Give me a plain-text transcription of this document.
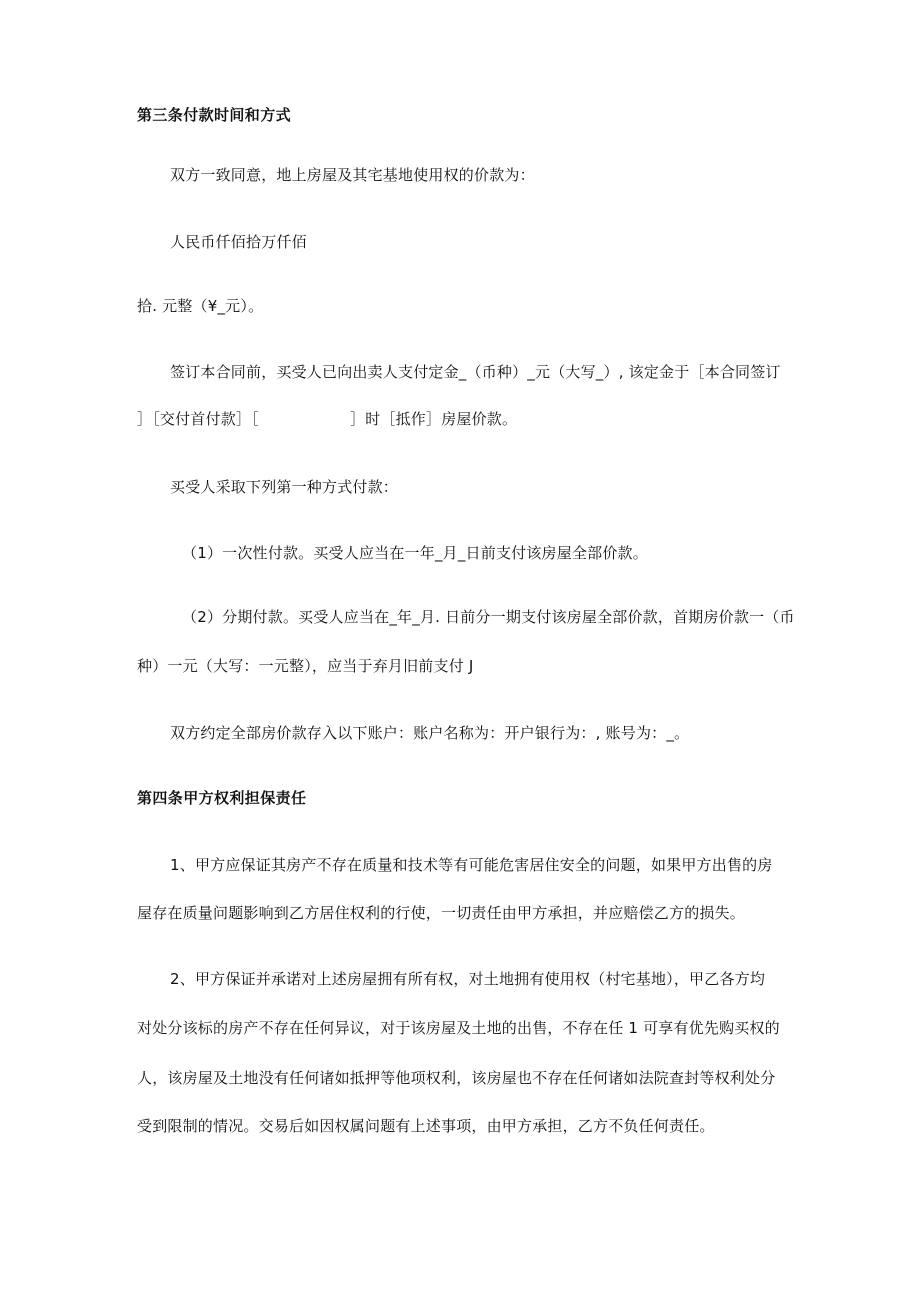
第三条付款时间和方式
双方一致同意，地上房屋及其宅基地使用权的价款为：
人民币仟佰拾万仟佰
拾. 元整（¥_元）。
签订本合同前，买受人已向出卖人支付定金_（币种）_元（大写_）, 该定金于［本合同签订
］［交付首付款］［　　　　　　］时［抵作］房屋价款。
买受人采取下列第一种方式付款：
（1）一次性付款。买受人应当在一年_月_日前支付该房屋全部价款。
（2）分期付款。买受人应当在_年_月. 日前分一期支付该房屋全部价款，首期房价款一（币
种）一元（大写：一元整），应当于弃月旧前支付 J
双方约定全部房价款存入以下账户：账户名称为：开户银行为：, 账号为：_。
第四条甲方权利担保责任
1、甲方应保证其房产不存在质量和技术等有可能危害居住安全的问题，如果甲方出售的房
屋存在质量问题影响到乙方居住权利的行使，一切责任由甲方承担，并应赔偿乙方的损失。
2、甲方保证并承诺对上述房屋拥有所有权，对土地拥有使用权（村宅基地），甲乙各方均
对处分该标的房产不存在任何异议，对于该房屋及土地的出售，不存在任 1 可享有优先购买权的
人，该房屋及土地没有任何诸如抵押等他项权利，该房屋也不存在任何诸如法院查封等权利处分
受到限制的情况。交易后如因权属问题有上述事项，由甲方承担，乙方不负任何责任。
